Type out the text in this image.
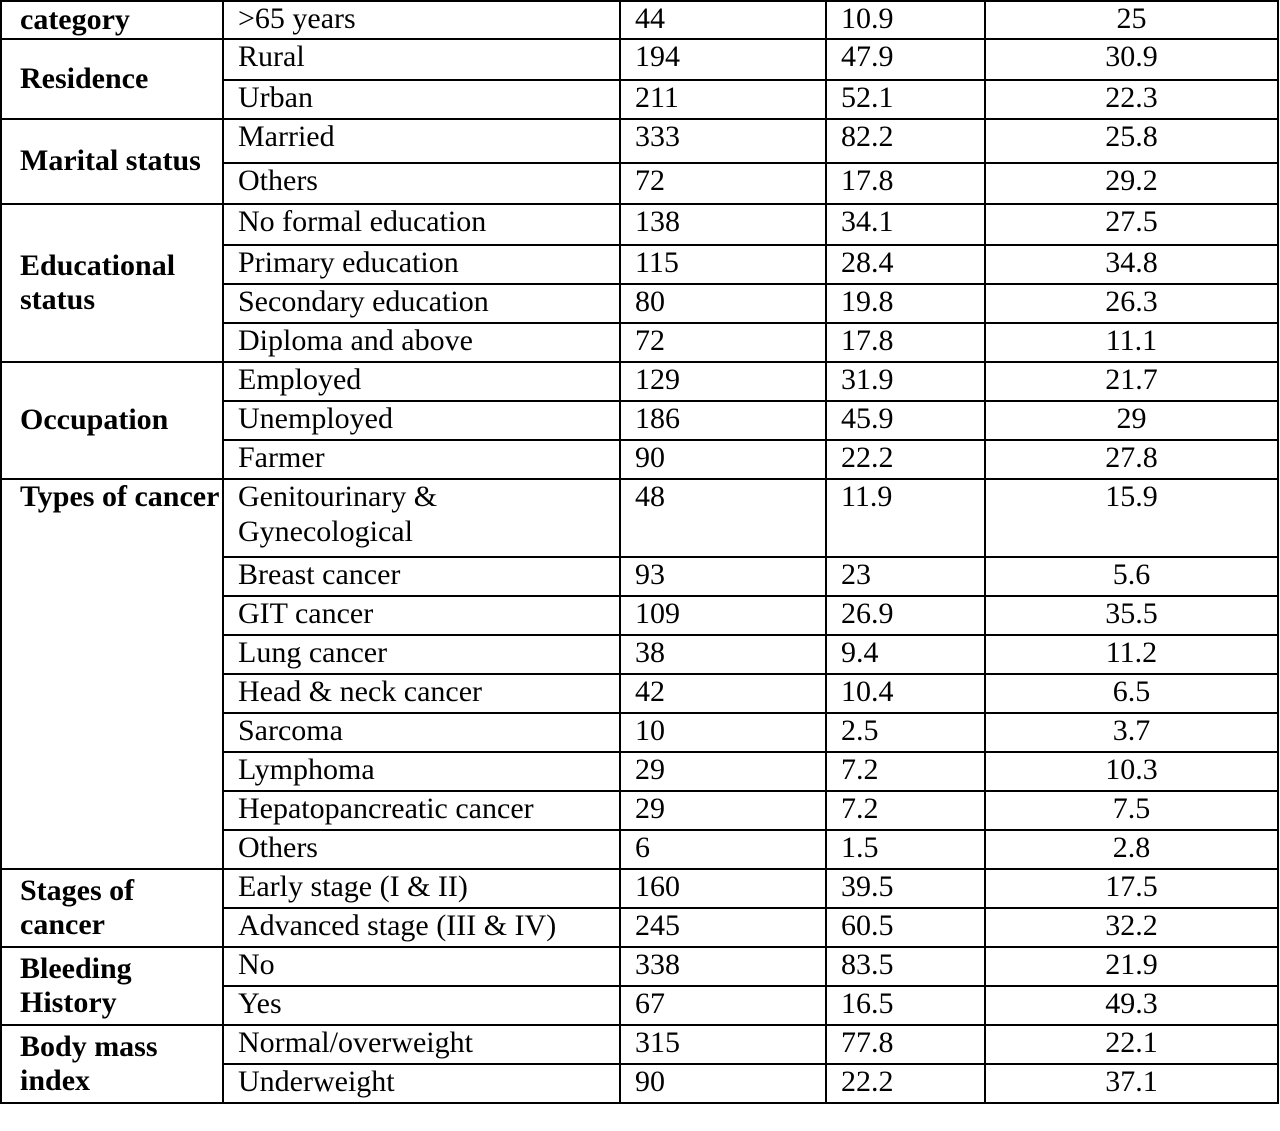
category	>65 years	44	10.9	25
Residence	Rural	194	47.9	30.9
	Urban	211	52.1	22.3
Marital status	Married	333	82.2	25.8
	Others	72	17.8	29.2
Educational status	No formal education	138	34.1	27.5
	Primary education	115	28.4	34.8
	Secondary education	80	19.8	26.3
	Diploma and above	72	17.8	11.1
Occupation	Employed	129	31.9	21.7
	Unemployed	186	45.9	29
	Farmer	90	22.2	27.8
Types of cancer	Genitourinary & Gynecological	48	11.9	15.9
	Breast cancer	93	23	5.6
	GIT cancer	109	26.9	35.5
	Lung cancer	38	9.4	11.2
	Head & neck cancer	42	10.4	6.5
	Sarcoma	10	2.5	3.7
	Lymphoma	29	7.2	10.3
	Hepatopancreatic cancer	29	7.2	7.5
	Others	6	1.5	2.8
Stages of cancer	Early stage (I & II)	160	39.5	17.5
	Advanced stage (III & IV)	245	60.5	32.2
Bleeding History	No	338	83.5	21.9
	Yes	67	16.5	49.3
Body mass index	Normal/overweight	315	77.8	22.1
	Underweight	90	22.2	37.1
